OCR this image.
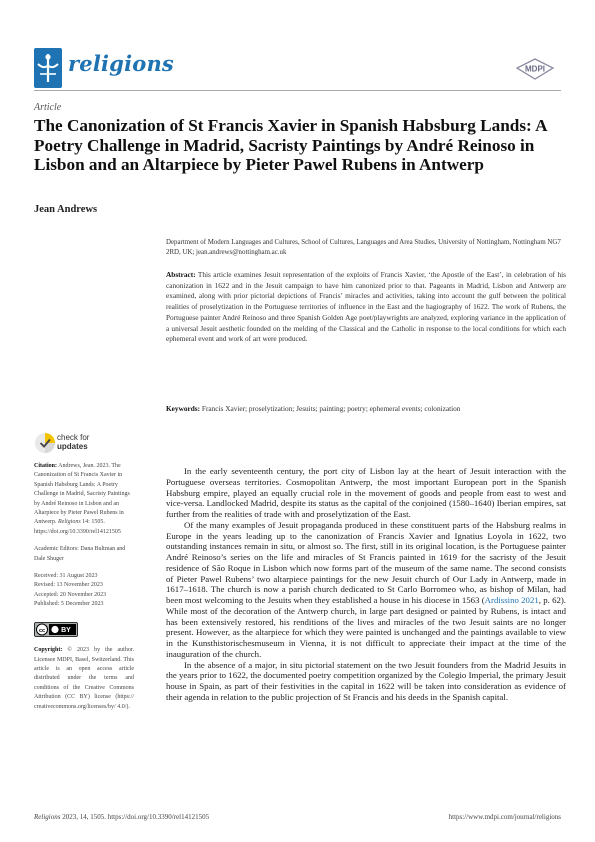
religions	MDPI
Article
The Canonization of St Francis Xavier in Spanish Habsburg Lands: A Poetry Challenge in Madrid, Sacristy Paintings by André Reinoso in Lisbon and an Altarpiece by Pieter Pawel Rubens in Antwerp
Jean Andrews
Department of Modern Languages and Cultures, School of Cultures, Languages and Area Studies, University of Nottingham, Nottingham NG7 2RD, UK; jean.andrews@nottingham.ac.uk
Abstract: This article examines Jesuit representation of the exploits of Francis Xavier, ‘the Apostle of the East’, in celebration of his canonization in 1622 and in the Jesuit campaign to have him canonized prior to that. Pageants in Madrid, Lisbon and Antwerp are examined, along with prior pictorial depictions of Francis’ miracles and activities, taking into account the gulf between the political realities of proselytization in the Portuguese territories of influence in the East and the hagiography of 1622. The work of Rubens, the Portuguese painter André Reinoso and three Spanish Golden Age poet/playwrights are analyzed, exploring variance in the application of a universal Jesuit aesthetic founded on the melding of the Classical and the Catholic in response to the local conditions for which each ephemeral event and work of art were produced.
Keywords: Francis Xavier; proselytization; Jesuits; painting; poetry; ephemeral events; colonization
check for
updates

Citation: Andrews, Jean. 2023. The Canonization of St Francis Xavier in Spanish Habsburg Lands: A Poetry Challenge in Madrid, Sacristy Paintings by André Reinoso in Lisbon and an Altarpiece by Pieter Pawel Rubens in Antwerp. Religions 14: 1505. https://doi.org/10.3390/rel14121505

Academic Editors: Dana Bultman and Dale Shuger

Received: 31 August 2023

Revised: 13 November 2023

Accepted: 20 November 2023

Published: 5 December 2023

cc BY

Copyright: © 2023 by the author. Licensee MDPI, Basel, Switzerland. This article is an open access article distributed under the terms and conditions of the Creative Commons Attribution (CC BY) license (https:// creativecommons.org/licenses/by/ 4.0/).

In the early seventeenth century, the port city of Lisbon lay at the heart of Jesuit interaction with the Portuguese overseas territories. Cosmopolitan Antwerp, the most important European port in the Spanish Habsburg empire, played an equally crucial role in the movement of goods and people from east to west and vice-versa. Landlocked Madrid, despite its status as the capital of the conjoined (1580–1640) Iberian empires, sat further from the realities of trade with and proselytization of the East.

Of the many examples of Jesuit propaganda produced in these constituent parts of the Habsburg realms in Europe in the years leading up to the canonization of Francis Xavier and Ignatius Loyola in 1622, two outstanding instances remain in situ, or almost so. The first, still in its original location, is the Portuguese painter André Reinoso’s series on the life and miracles of St Francis painted in 1619 for the sacristy of the Jesuit residence of São Roque in Lisbon which now forms part of the museum of the same name. The second consists of Pieter Pawel Rubens’ two altarpiece paintings for the new Jesuit church of Our Lady in Antwerp, made in 1617–1618. The church is now a parish church dedicated to St Carlo Borromeo who, as bishop of Milan, had been most welcoming to the Jesuits when they established a house in his diocese in 1563 (Ardissino 2021, p. 62). While most of the decoration of the Antwerp church, in large part designed or painted by Rubens, is intact and has been extensively restored, his renditions of the lives and miracles of the two Jesuit saints are no longer present. However, as the altarpiece for which they were painted is unchanged and the paintings available to view in the Kunsthistorischesmuseum in Vienna, it is not difficult to appreciate their impact at the time of the inauguration of the church.

In the absence of a major, in situ pictorial statement on the two Jesuit founders from the Madrid Jesuits in the years prior to 1622, the documented poetry competition organized by the Colegio Imperial, the primary Jesuit house in Spain, as part of their festivities in the capital in 1622 will be taken into consideration as evidence of their agenda in relation to the public projection of St Francis and his deeds in the Spanish capital.

Religions 2023, 14, 1505. https://doi.org/10.3390/rel14121505	https://www.mdpi.com/journal/religions
